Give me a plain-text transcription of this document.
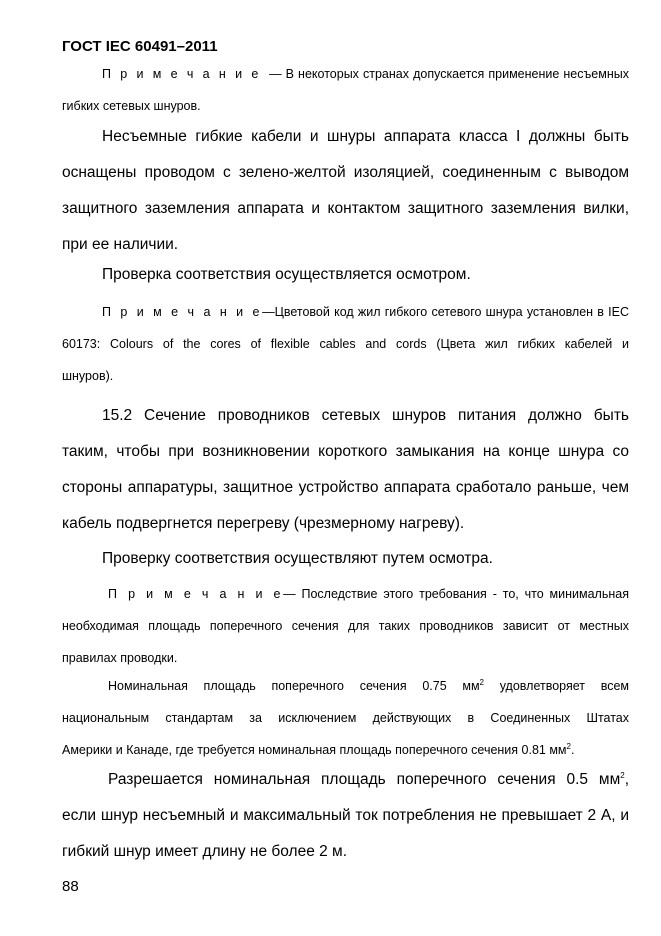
ГОСТ IEC 60491–2011
П р и м е ч а н и е — В некоторых странах допускается применение несъемных
гибких сетевых шнуров.
Несъемные гибкие кабели и шнуры аппарата класса I должны быть
оснащены проводом с зелено-желтой изоляцией, соединенным с выводом
защитного заземления аппарата и контактом защитного заземления вилки,
при ее наличии.
Проверка соответствия осуществляется осмотром.
П р и м е ч а н и е—Цветовой код жил гибкого сетевого шнура установлен в IEC
60173: Colours of the cores of flexible cables and cords (Цвета жил гибких кабелей и
шнуров).
15.2 Сечение проводников сетевых шнуров питания должно быть
таким, чтобы при возникновении короткого замыкания на конце шнура со
стороны аппаратуры, защитное устройство аппарата сработало раньше, чем
кабель подвергнется перегреву (чрезмерному нагреву).
Проверку соответствия осуществляют путем осмотра.
П р и м е ч а н и е— Последствие этого требования - то, что минимальная
необходимая площадь поперечного сечения для таких проводников зависит от местных
правилах проводки.
Номинальная площадь поперечного сечения 0.75 $мм^2$ удовлетворяет всем
национальным стандартам за исключением действующих в Соединенных Штатах
Америки и Канаде, где требуется номинальная площадь поперечного сечения 0.81 $мм^2$.
Разрешается номинальная площадь поперечного сечения 0.5 $мм^2$,
если шнур несъемный и максимальный ток потребления не превышает 2 А, и
гибкий шнур имеет длину не более 2 м.
88
